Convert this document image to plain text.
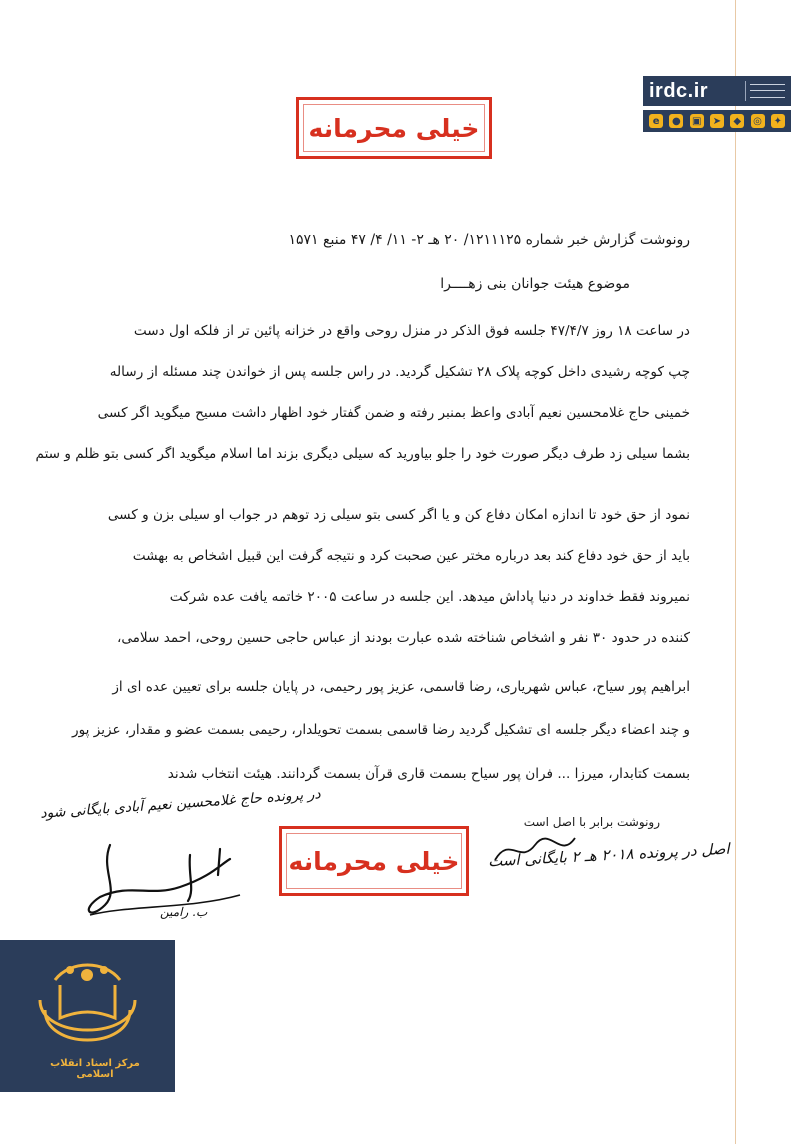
irdc.ir
e	● ▣ ➤	◆	◎ ✦
خیلی محرمانه
رونوشت گزارش خبر شماره ۱۲۱۱۱۲۵/ ۲۰ هـ ۲- ۱۱/ ۴/ ۴۷ منبع ۱۵۷۱
موضوع هیئت جوانان بنی زهــــرا
در ساعت ۱۸ روز ۴۷/۴/۷ جلسه فوق الذکر در منزل روحی واقع در خزانه پائین تر از فلکه اول دست
چپ کوچه رشیدی داخل کوچه پلاک ۲۸ تشکیل گردید. در راس جلسه پس از خواندن چند مسئله از رساله
خمینی حاج غلامحسین نعیم آبادی واعظ بمنبر رفته و ضمن گفتار خود اظهار داشت مسیح میگوید اگر کسی
بشما سیلی زد طرف دیگر صورت خود را جلو بیاورید که سیلی دیگری بزند اما اسلام میگوید اگر کسی بتو ظلم و ستم
نمود از حق خود تا اندازه امکان دفاع کن و یا اگر کسی بتو سیلی زد توهم در جواب او سیلی بزن و کسی
باید از حق خود دفاع کند بعد درباره مختر عین صحبت کرد و نتیجه گرفت این قبیل اشخاص به بهشت
نمیروند فقط خداوند در دنیا پاداش میدهد. این جلسه در ساعت ۲۰۰۵ خاتمه یافت عده شرکت
کننده در حدود ۳۰ نفر و اشخاص شناخته شده عبارت بودند از عباس حاجی حسین روحی، احمد سلامی،
ابراهیم پور سیاح، عباس شهریاری، رضا قاسمی، عزیز پور رحیمی، در پایان جلسه برای تعیین عده ای از
و چند اعضاء دیگر جلسه ای تشکیل گردید رضا قاسمی بسمت تحویلدار، رحیمی بسمت عضو و مقدار، عزیز پور
بسمت کتابدار، میرزا ... فران پور سیاح بسمت قاری قرآن بسمت گردانند. هیئت انتخاب شدند
رونوشت برابر با اصل است
در پرونده حاج غلامحسین نعیم آبادی بایگانی شود
اصل در پرونده ۲۰۱۸ هـ ۲ بایگانی است
ب. رامین
خیلی محرمانه
مرکز اسناد انقلاب اسلامی
